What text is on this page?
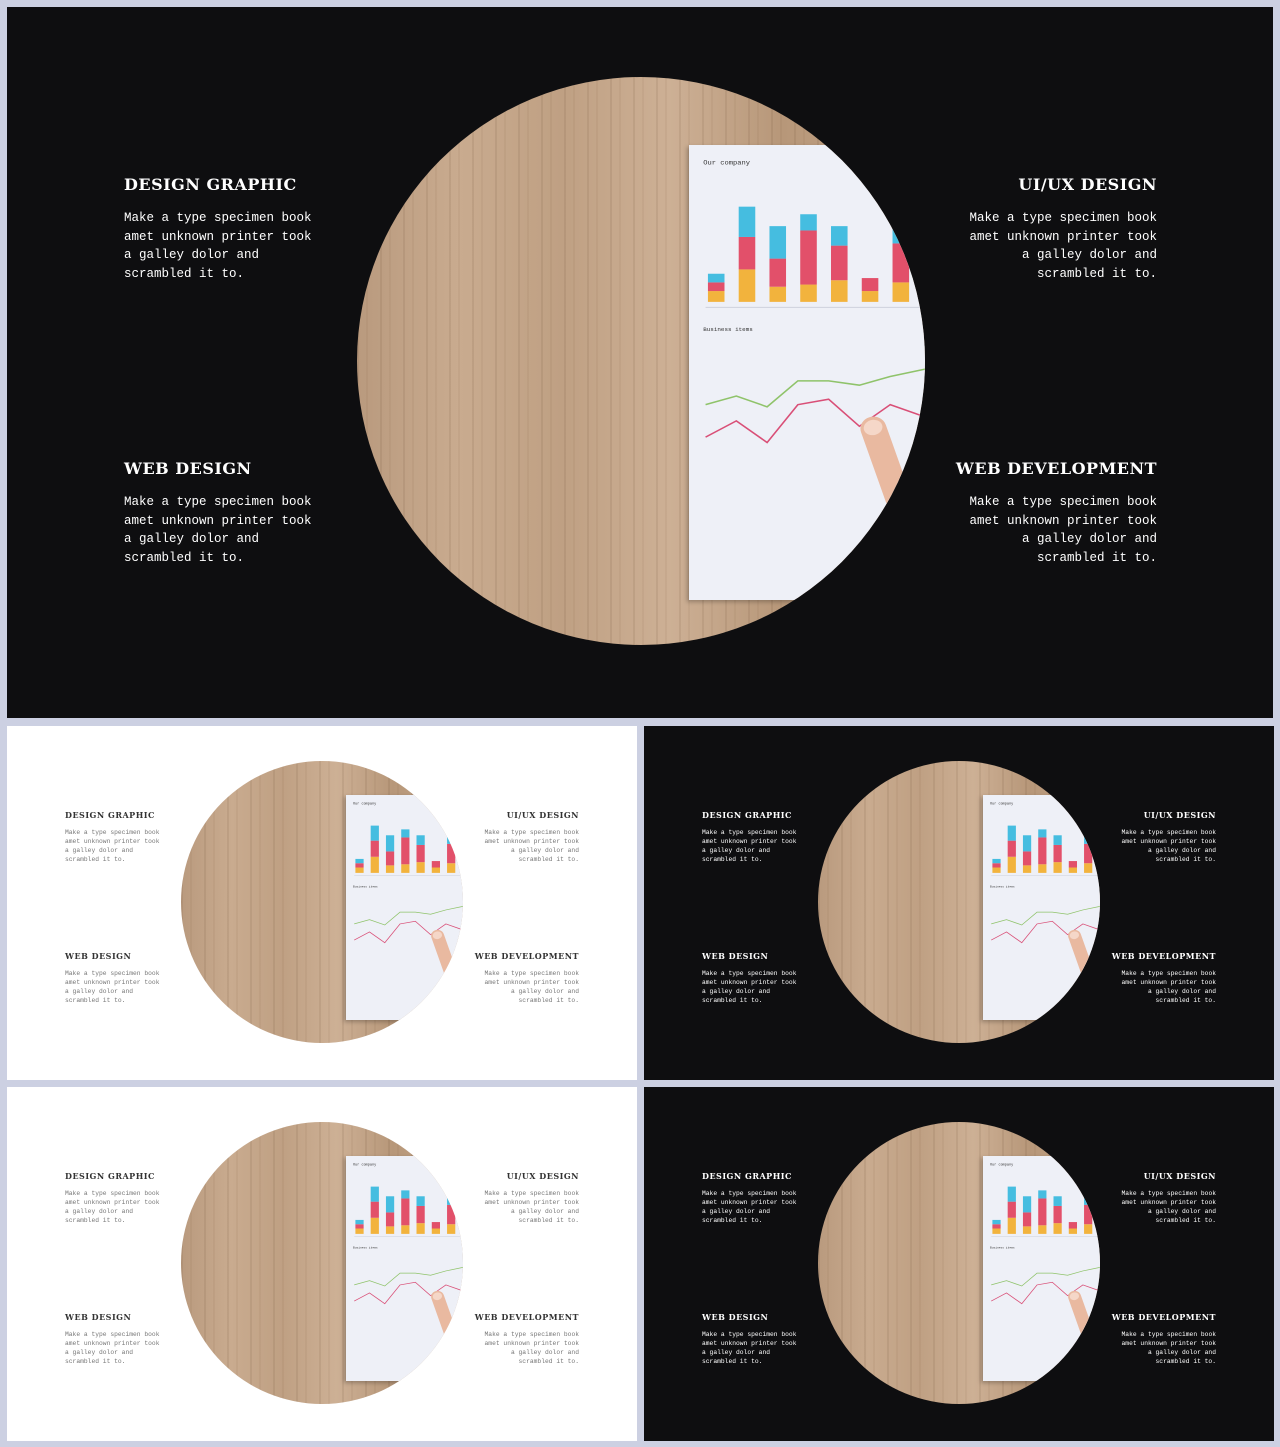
Our company
Business items
DESIGN GRAPHIC
Make a type specimen book
amet unknown printer took
a galley dolor and
scrambled it to.
UI/UX DESIGN
Make a type specimen book
amet unknown printer took
a galley dolor and
scrambled it to.
WEB DESIGN
Make a type specimen book
amet unknown printer took
a galley dolor and
scrambled it to.
WEB DEVELOPMENT
Make a type specimen book
amet unknown printer took
a galley dolor and
scrambled it to.
Our company
Business items
DESIGN GRAPHIC
Make a type specimen book
amet unknown printer took
a galley dolor and
scrambled it to.
UI/UX DESIGN
Make a type specimen book
amet unknown printer took
a galley dolor and
scrambled it to.
WEB DESIGN
Make a type specimen book
amet unknown printer took
a galley dolor and
scrambled it to.
WEB DEVELOPMENT
Make a type specimen book
amet unknown printer took
a galley dolor and
scrambled it to.
Our company
Business items
DESIGN GRAPHIC
Make a type specimen book
amet unknown printer took
a galley dolor and
scrambled it to.
UI/UX DESIGN
Make a type specimen book
amet unknown printer took
a galley dolor and
scrambled it to.
WEB DESIGN
Make a type specimen book
amet unknown printer took
a galley dolor and
scrambled it to.
WEB DEVELOPMENT
Make a type specimen book
amet unknown printer took
a galley dolor and
scrambled it to.
Our company
Business items
DESIGN GRAPHIC
Make a type specimen book
amet unknown printer took
a galley dolor and
scrambled it to.
UI/UX DESIGN
Make a type specimen book
amet unknown printer took
a galley dolor and
scrambled it to.
WEB DESIGN
Make a type specimen book
amet unknown printer took
a galley dolor and
scrambled it to.
WEB DEVELOPMENT
Make a type specimen book
amet unknown printer took
a galley dolor and
scrambled it to.
Our company
Business items
DESIGN GRAPHIC
Make a type specimen book
amet unknown printer took
a galley dolor and
scrambled it to.
UI/UX DESIGN
Make a type specimen book
amet unknown printer took
a galley dolor and
scrambled it to.
WEB DESIGN
Make a type specimen book
amet unknown printer took
a galley dolor and
scrambled it to.
WEB DEVELOPMENT
Make a type specimen book
amet unknown printer took
a galley dolor and
scrambled it to.
